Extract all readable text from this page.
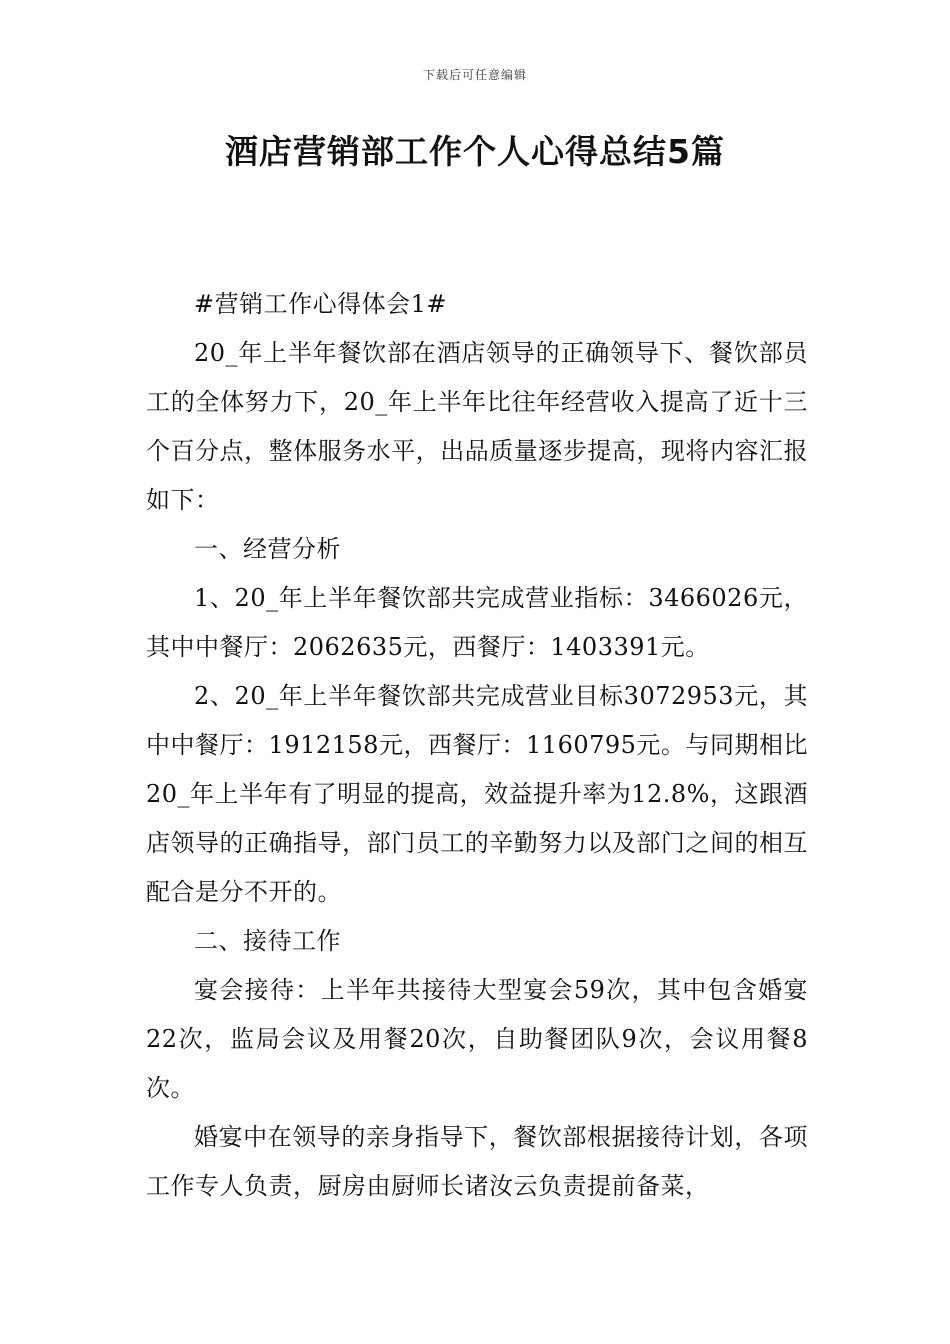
下载后可任意编辑
酒店营销部工作个人心得总结5篇

#营销工作心得体会1#

20_年上半年餐饮部在酒店领导的正确领导下、餐饮部员工的全体努力下，20_年上半年比往年经营收入提高了近十三个百分点，整体服务水平，出品质量逐步提高，现将内容汇报如下：

一、经营分析

1、20_年上半年餐饮部共完成营业指标：3466026元，其中中餐厅：2062635元，西餐厅：1403391元。

2、20_年上半年餐饮部共完成营业目标3072953元，其中中餐厅：1912158元，西餐厅：1160795元。与同期相比20_年上半年有了明显的提高，效益提升率为12.8%，这跟酒店领导的正确指导，部门员工的辛勤努力以及部门之间的相互配合是分不开的。

二、接待工作

宴会接待：上半年共接待大型宴会59次，其中包含婚宴22次，监局会议及用餐20次，自助餐团队9次，会议用餐8次。

婚宴中在领导的亲身指导下，餐饮部根据接待计划，各项工作专人负责，厨房由厨师长诸汝云负责提前备菜，
